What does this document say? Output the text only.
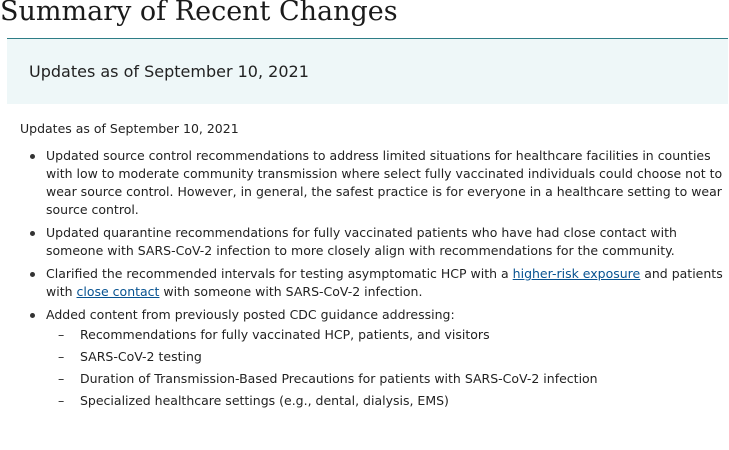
Summary of Recent Changes
Updates as of September 10, 2021

Updates as of September 10, 2021

Updated source control recommendations to address limited situations for healthcare facilities in counties with low to moderate community transmission where select fully vaccinated individuals could choose not to wear source control. However, in general, the safest practice is for everyone in a healthcare setting to wear source control.
Updated quarantine recommendations for fully vaccinated patients who have had close contact with someone with SARS-CoV-2 infection to more closely align with recommendations for the community.
Clarified the recommended intervals for testing asymptomatic HCP with a higher-risk exposure and patients with close contact with someone with SARS-CoV-2 infection.
Added content from previously posted CDC guidance addressing:
– Recommendations for fully vaccinated HCP, patients, and visitors
– SARS-CoV-2 testing
– Duration of Transmission-Based Precautions for patients with SARS-CoV-2 infection
– Specialized healthcare settings (e.g., dental, dialysis, EMS)
